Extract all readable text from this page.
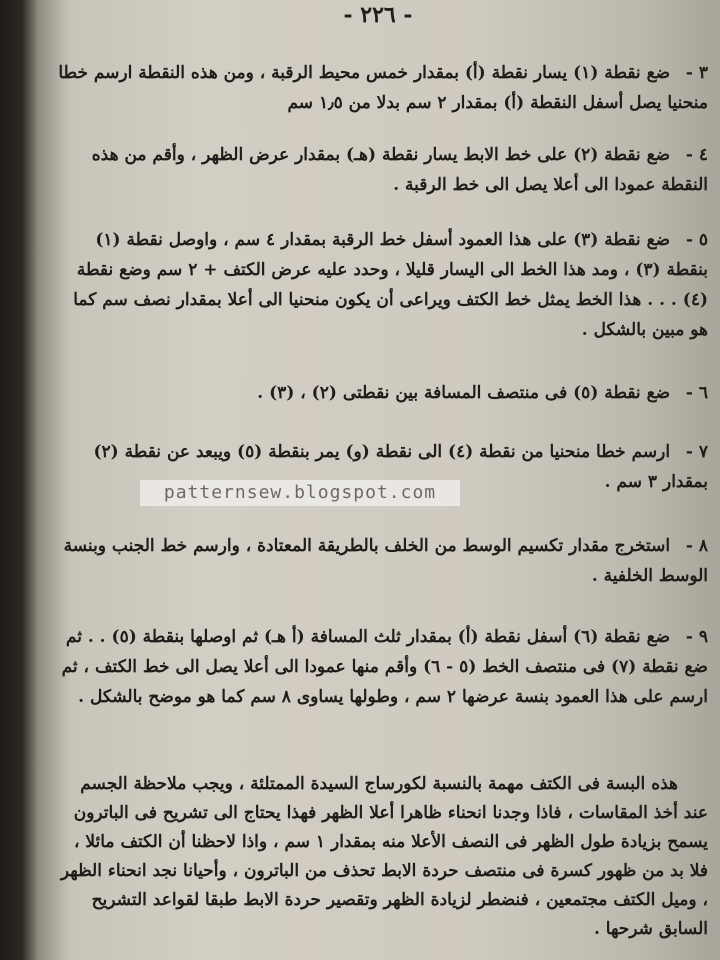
- ٢٢٦ -
٣ - ضع نقطة (١) يسار نقطة (أ) بمقدار خمس محيط الرقبة ، ومن هذه النقطة ارسم خطا منحنيا يصل أسفل النقطة (أ) بمقدار ٢ سم بدلا من ١٫٥ سم
٤ - ضع نقطة (٢) على خط الابط يسار نقطة (هـ) بمقدار عرض الظهر ، وأقم من هذه النقطة عمودا الى أعلا يصل الى خط الرقبة .
٥ - ضع نقطة (٣) على هذا العمود أسفل خط الرقبة بمقدار ٤ سم ، واوصل نقطة (١) بنقطة (٣) ، ومد هذا الخط الى اليسار قليلا ، وحدد عليه عرض الكتف + ٢ سم وضع نقطة (٤) . . . هذا الخط يمثل خط الكتف ويراعى أن يكون منحنيا الى أعلا بمقدار نصف سم كما هو مبين بالشكل .
٦ - ضع نقطة (٥) فى منتصف المسافة بين نقطتى (٢) ، (٣) .
٧ - ارسم خطا منحنيا من نقطة (٤) الى نقطة (و) يمر بنقطة (٥) ويبعد عن نقطة (٢) بمقدار ٣ سم .
٨ - استخرج مقدار تكسيم الوسط من الخلف بالطريقة المعتادة ، وارسم خط الجنب وبنسة الوسط الخلفية .
٩ - ضع نقطة (٦) أسفل نقطة (أ) بمقدار ثلث المسافة (أ هـ) ثم اوصلها بنقطة (٥) . . ثم ضع نقطة (٧) فى منتصف الخط (٥ - ٦) وأقم منها عمودا الى أعلا يصل الى خط الكتف ، ثم ارسم على هذا العمود بنسة عرضها ٢ سم ، وطولها يساوى ٨ سم كما هو موضح بالشكل .
هذه البسة فى الكتف مهمة بالنسبة لكورساج السيدة الممتلئة ، ويجب ملاحظة الجسم عند أخذ المقاسات ، فاذا وجدنا انحناء ظاهرا أعلا الظهر فهذا يحتاج الى تشريح فى الباترون يسمح بزيادة طول الظهر فى النصف الأعلا منه بمقدار ١ سم ، واذا لاحظنا أن الكتف مائلا ، فلا بد من ظهور كسرة فى منتصف حردة الابط تحذف من الباترون ، وأحيانا نجد انحناء الظهر ، وميل الكتف مجتمعين ، فنضطر لزيادة الظهر وتقصير حردة الابط طبقا لقواعد التشريح السابق شرحها .
patternsew.blogspot.com
